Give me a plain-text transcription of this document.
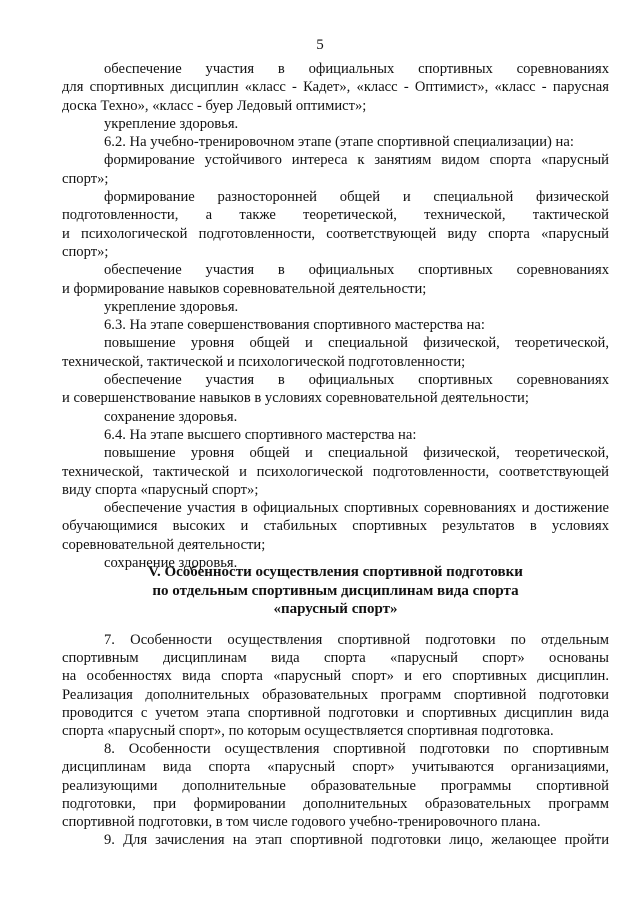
5
обеспечение участия в официальных спортивных соревнованиях
для спортивных дисциплин «класс - Кадет», «класс - Оптимист», «класс - парусная
доска Техно», «класс - буер Ледовый оптимист»;
укрепление здоровья.
6.2. На учебно-тренировочном этапе (этапе спортивной специализации) на:
формирование устойчивого интереса к занятиям видом спорта «парусный
спорт»;
формирование разносторонней общей и специальной физической
подготовленности, а также теоретической, технической, тактической
и психологической подготовленности, соответствующей виду спорта «парусный
спорт»;
обеспечение участия в официальных спортивных соревнованиях
и формирование навыков соревновательной деятельности;
укрепление здоровья.
6.3. На этапе совершенствования спортивного мастерства на:
повышение уровня общей и специальной физической, теоретической,
технической, тактической и психологической подготовленности;
обеспечение участия в официальных спортивных соревнованиях
и совершенствование навыков в условиях соревновательной деятельности;
сохранение здоровья.
6.4. На этапе высшего спортивного мастерства на:
повышение уровня общей и специальной физической, теоретической,
технической, тактической и психологической подготовленности, соответствующей
виду спорта «парусный спорт»;
обеспечение участия в официальных спортивных соревнованиях и достижение
обучающимися высоких и стабильных спортивных результатов в условиях
соревновательной деятельности;
сохранение здоровья.
V. Особенности осуществления спортивной подготовки
по отдельным спортивным дисциплинам вида спорта
«парусный спорт»
7. Особенности осуществления спортивной подготовки по отдельным
спортивным дисциплинам вида спорта «парусный спорт» основаны
на особенностях вида спорта «парусный спорт» и его спортивных дисциплин.
Реализация дополнительных образовательных программ спортивной подготовки
проводится с учетом этапа спортивной подготовки и спортивных дисциплин вида
спорта «парусный спорт», по которым осуществляется спортивная подготовка.
8. Особенности осуществления спортивной подготовки по спортивным
дисциплинам вида спорта «парусный спорт» учитываются организациями,
реализующими дополнительные образовательные программы спортивной
подготовки, при формировании дополнительных образовательных программ
спортивной подготовки, в том числе годового учебно-тренировочного плана.
9. Для зачисления на этап спортивной подготовки лицо, желающее пройти
